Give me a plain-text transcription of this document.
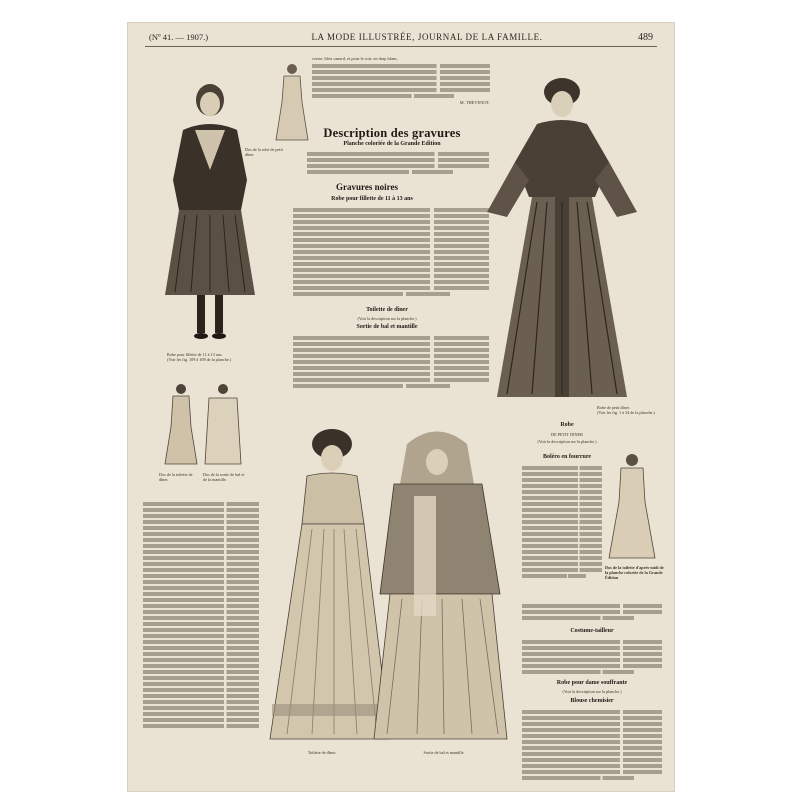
(Nº 41. — 1907.)	LA MODE ILLUSTRÉE, JOURNAL DE LA FAMILLE.	489
Robe pour fillette de 11 à 13 ans.
(Voir les fig. 109 à 108 de la planche.)
Dos de la robe de petit dîner.
cerise; bleu canard, et pour le soir, en drap blanc,
M. THEVENOT.
Description des gravures
Planche coloriée de la Grande Edition
Gravures noires
Robe pour fillette de 11 à 13 ans
Toilette de dîner
(Voir la description sur la planche.)
Sortie de bal et mantille
Robe de petit dîner.
(Voir les fig. 1 à 34 de la planche.)
Dos de la toilette de dîner.
Dos de la sortie de bal et de la mantille.
Toilette de dîner.	Sortie de bal et mantille.
Robe
DE PETIT DINER
(Voir la description sur la planche.)
Boléro en fourrure
Dos de la toilette d'après-midi de la planche coloriée de la Grande Édition
Costume-tailleur
Robe pour dame souffrante
(Voir la description sur la planche.)
Blouse chemisier
